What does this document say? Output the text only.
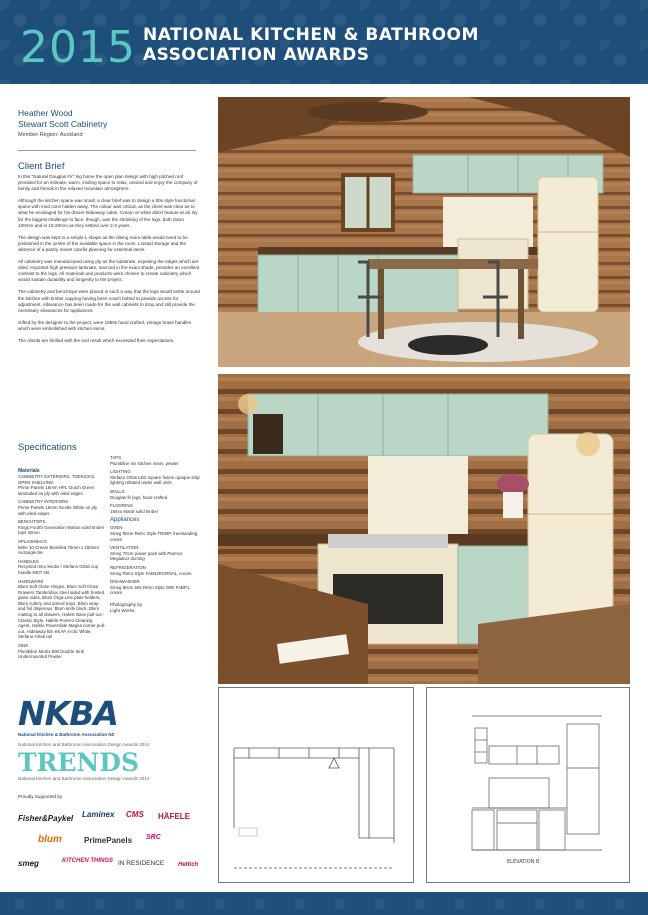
2015 NATIONAL KITCHEN & BATHROOM
ASSOCIATION AWARDS
Heather Wood
Stewart Scott Cabinetry
Member Region: Auckland
Client Brief

In this "Natural Douglas Fir" log home the open plan design with high pitched roof provided for an intimate, warm, inviting space to relax, unwind and enjoy the company of family and friends in the relaxed mountain atmosphere.

Although the kitchen space was small, a clear brief was to design a 50s style functional space with mod cons hidden away. The colour was critical, as the client was clear as to what he envisaged for his dream hideaway cabin. Cream or white didn't feature at all. By far the biggest challenge to face, though, was the shrinking of the logs, both down 100mm and in 15-20mm as they settled over 2-3 years.

The design was kept to a simple L shape as the dining room table would need to be positioned in the centre of the available space in the room. Limited storage and the absence of a pantry meant careful planning for essential items.

All cabinetry was manufactured using ply as the substrate, exposing the edges which are oiled. Imported high pressure laminate, sourced in the exact shade, provides an excellent contrast to the logs. All materials and products were chosen to create cabinetry which would sustain durability and longevity to the project.

The cabinetry and benchtops were placed in such a way that the logs would settle around the kitchen with timber capping having been coach bolted to provide access for adjustment. Allowance has been made for the wall cabinets to drop and still provide the necessary clearances for appliances.

Gifted by the designer to the project, were 1950s hand crafted, vintage brass handles which were embellished with kitchen items.

The clients are thrilled with the end result which exceeded their expectations.

Specifications
Materials
CABINETRY EXTERIORS, TOEKICKS, OPEN SHELVING
Prime Panels 16mm HPL 'Dutch Green' laminated on ply with oiled edges
CABINETRY INTERIORS
Prime Panels 16mm Gentle White on ply with oiled edges
BENCHTOPS
Kings Fourth Generation Walnut solid timber tops 40mm
SPLASHBACK
Mitre 10 Cream Bevelled 75mm x 150mm rectangle tile
HANDLES
Recycled retro knobs / Stefano Orlati cup handle 8407 AB
HARDWARE
Blum Soft Close Hinges, Blum Soft Close Drawers Tandembox steel sided with frosted glass sides, Blum Orga-Line plate holders, Blum cutlery and utensil trays, Blum wrap and foil dispenser, Blum knife block, Blum matting to all drawers, Hafele Base pull-out - Classic Style, Hafele Portero Cleaning Agent, Hafele Powerslide Magna corner pull-out, Hideaway Bin KKAF Arctic White, Stefano Orlati rail
SINK
Plumbline Metrix 600 Double Sink Undermounted Pewter
TAPS
Plumbline Iris kitchen mixer, pewter
LIGHTING
Stefano Orlati LED square fusion opaque strip lighting rebated under wall units
WALLS
Douglas fir logs, hand crafted
FLOORING
18mm Mardi solid timber
Appliances
OVEN
Smeg 90cm Retro Style TR93P, freestanding, cream
VENTILATION
Smeg 70cm power pack with Parmco Megaduct ducting
REFRIGERATION
Smeg Retro Style FAB32RCRNA1, cream
DISHWASHER
Smeg 60cm 50s Retro Style DWI FABP1, cream
Photography by
Light Works.
NKBA
National Kitchen & Bathroom Association NZ
National Kitchen and Bathroom Association Design Awards 2014
TRENDS
National Kitchen and Bathroom Association Design Awards 2014
Proudly Supported by
Fisher&Paykel Laminex CMS HÄFELE
blum	PrimePanels SRC
smeg	KITCHEN THINGS IN RESIDENCE Hettich	ELEVATION B
